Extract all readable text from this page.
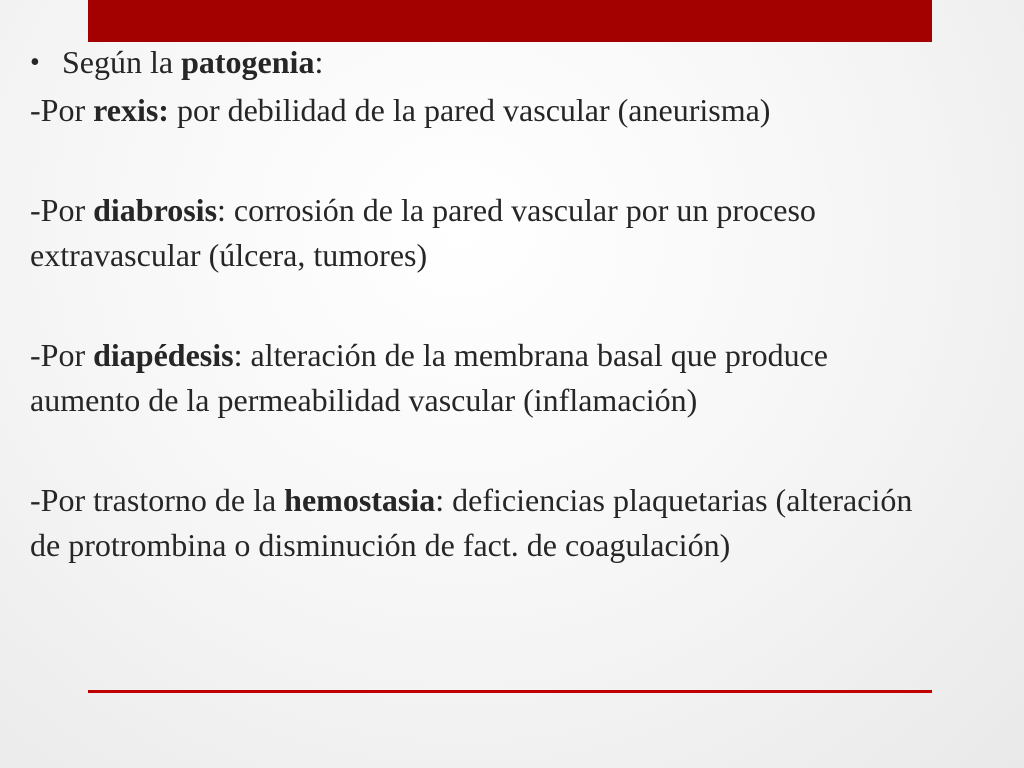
• Según la patogenia:

-Por rexis: por debilidad de la pared vascular (aneurisma)

-Por diabrosis: corrosión de la pared vascular por un proceso extravascular (úlcera, tumores)

-Por diapédesis: alteración de la membrana basal que produce aumento de la permeabilidad vascular (inflamación)

-Por trastorno de la hemostasia: deficiencias plaquetarias (alteración de protrombina o disminución de fact. de coagulación)
